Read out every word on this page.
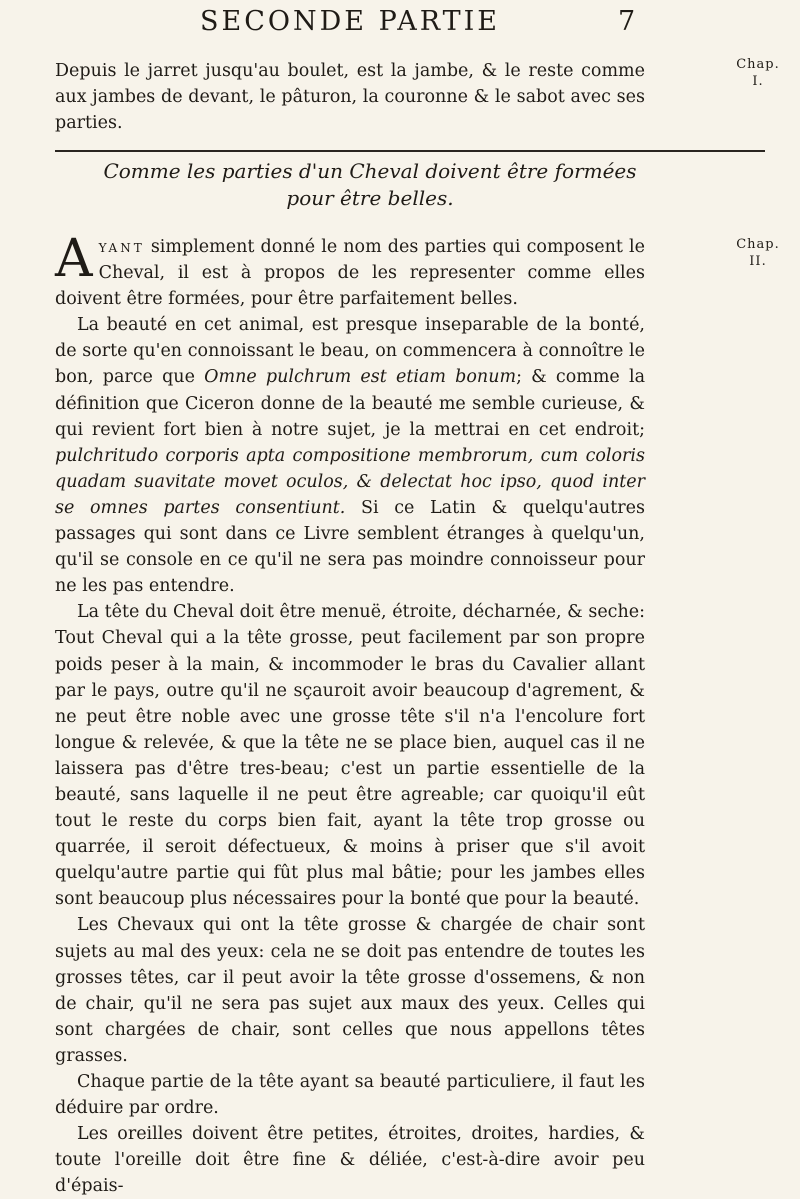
SECONDE PARTIE	7
Chap.
I.
Chap.
II.

Depuis le jarret jusqu'au boulet, est la jambe, & le reste comme aux jambes de devant, le pâturon, la couronne & le sabot avec ses parties.

Comme les parties d'un Cheval doivent être formées pour être belles.

A yant simplement donné le nom des parties qui composent le Cheval, il est à propos de les representer comme elles doivent être formées, pour être parfaitement belles.

La beauté en cet animal, est presque inseparable de la bonté, de sorte qu'en connoissant le beau, on commencera à connoître le bon, parce que Omne pulchrum est etiam bonum; & comme la définition que Ciceron donne de la beauté me semble curieuse, & qui revient fort bien à notre sujet, je la mettrai en cet endroit; pulchritudo corporis apta compositione membrorum, cum coloris quadam suavitate movet oculos, & delectat hoc ipso, quod inter se omnes partes consentiunt. Si ce Latin & quelqu'autres passages qui sont dans ce Livre semblent étranges à quelqu'un, qu'il se console en ce qu'il ne sera pas moindre connoisseur pour ne les pas entendre.

La tête du Cheval doit être menuë, étroite, décharnée, & seche: Tout Cheval qui a la tête grosse, peut facilement par son propre poids peser à la main, & incommoder le bras du Cavalier allant par le pays, outre qu'il ne sçauroit avoir beaucoup d'agrement, & ne peut être noble avec une grosse tête s'il n'a l'encolure fort longue & relevée, & que la tête ne se place bien, auquel cas il ne laissera pas d'être tres-beau; c'est un partie essentielle de la beauté, sans laquelle il ne peut être agreable; car quoiqu'il eût tout le reste du corps bien fait, ayant la tête trop grosse ou quarrée, il seroit défectueux, & moins à priser que s'il avoit quelqu'autre partie qui fût plus mal bâtie; pour les jambes elles sont beaucoup plus nécessaires pour la bonté que pour la beauté.

Les Chevaux qui ont la tête grosse & chargée de chair sont sujets au mal des yeux: cela ne se doit pas entendre de toutes les grosses têtes, car il peut avoir la tête grosse d'ossemens, & non de chair, qu'il ne sera pas sujet aux maux des yeux. Celles qui sont chargées de chair, sont celles que nous appellons têtes grasses.

Chaque partie de la tête ayant sa beauté particuliere, il faut les déduire par ordre.

Les oreilles doivent être petites, étroites, droites, hardies, & toute l'oreille doit être fine & déliée, c'est-à-dire avoir peu d'épais-
